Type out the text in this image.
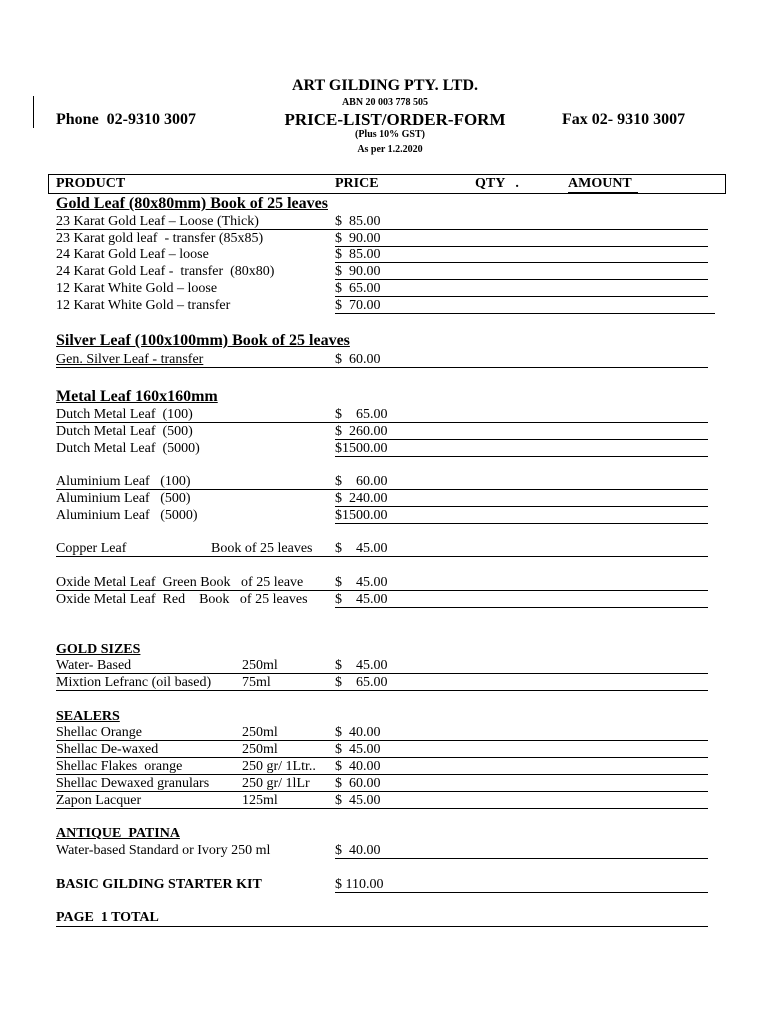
ART GILDING PTY. LTD.
ABN 20 003 778 505
Phone  02-9310 3007	PRICE-LIST/ORDER-FORM	Fax 02- 9310 3007
(Plus 10% GST)
As per 1.2.2020
PRODUCT	PRICE	QTY   .	AMOUNT
Gold Leaf (80x80mm) Book of 25 leaves
23 Karat Gold Leaf – Loose (Thick)	$  85.00
23 Karat gold leaf  - transfer (85x85)	$  90.00
24 Karat Gold Leaf – loose	$  85.00
24 Karat Gold Leaf -  transfer  (80x80)	$  90.00
12 Karat White Gold – loose	$  65.00
12 Karat White Gold – transfer	$  70.00
Silver Leaf (100x100mm) Book of 25 leaves
Gen. Silver Leaf - transfer	$  60.00
Metal Leaf 160x160mm
Dutch Metal Leaf  (100)	$    65.00
Dutch Metal Leaf  (500)	$  260.00
Dutch Metal Leaf  (5000)	$1500.00
Aluminium Leaf   (100)	$    60.00
Aluminium Leaf   (500)	$  240.00
Aluminium Leaf   (5000)	$1500.00
Copper Leaf	Book of 25 leaves $    45.00
Oxide Metal Leaf  Green Book   of 25 leave $    45.00
Oxide Metal Leaf  Red    Book   of 25 leaves $    45.00
GOLD SIZES
Water- Based	250ml	$    45.00
Mixtion Lefranc (oil based) 75ml	$    65.00
SEALERS
Shellac Orange	250ml	$  40.00
Shellac De-waxed	250ml	$  45.00
Shellac Flakes  orange	250 gr/ 1Ltr.. $  40.00
Shellac Dewaxed granulars 250 gr/ 1lLr $  60.00
Zapon Lacquer	125ml	$  45.00
ANTIQUE  PATINA
Water-based Standard or Ivory 250 ml	$  40.00
BASIC GILDING STARTER KIT	$ 110.00
PAGE  1 TOTAL
